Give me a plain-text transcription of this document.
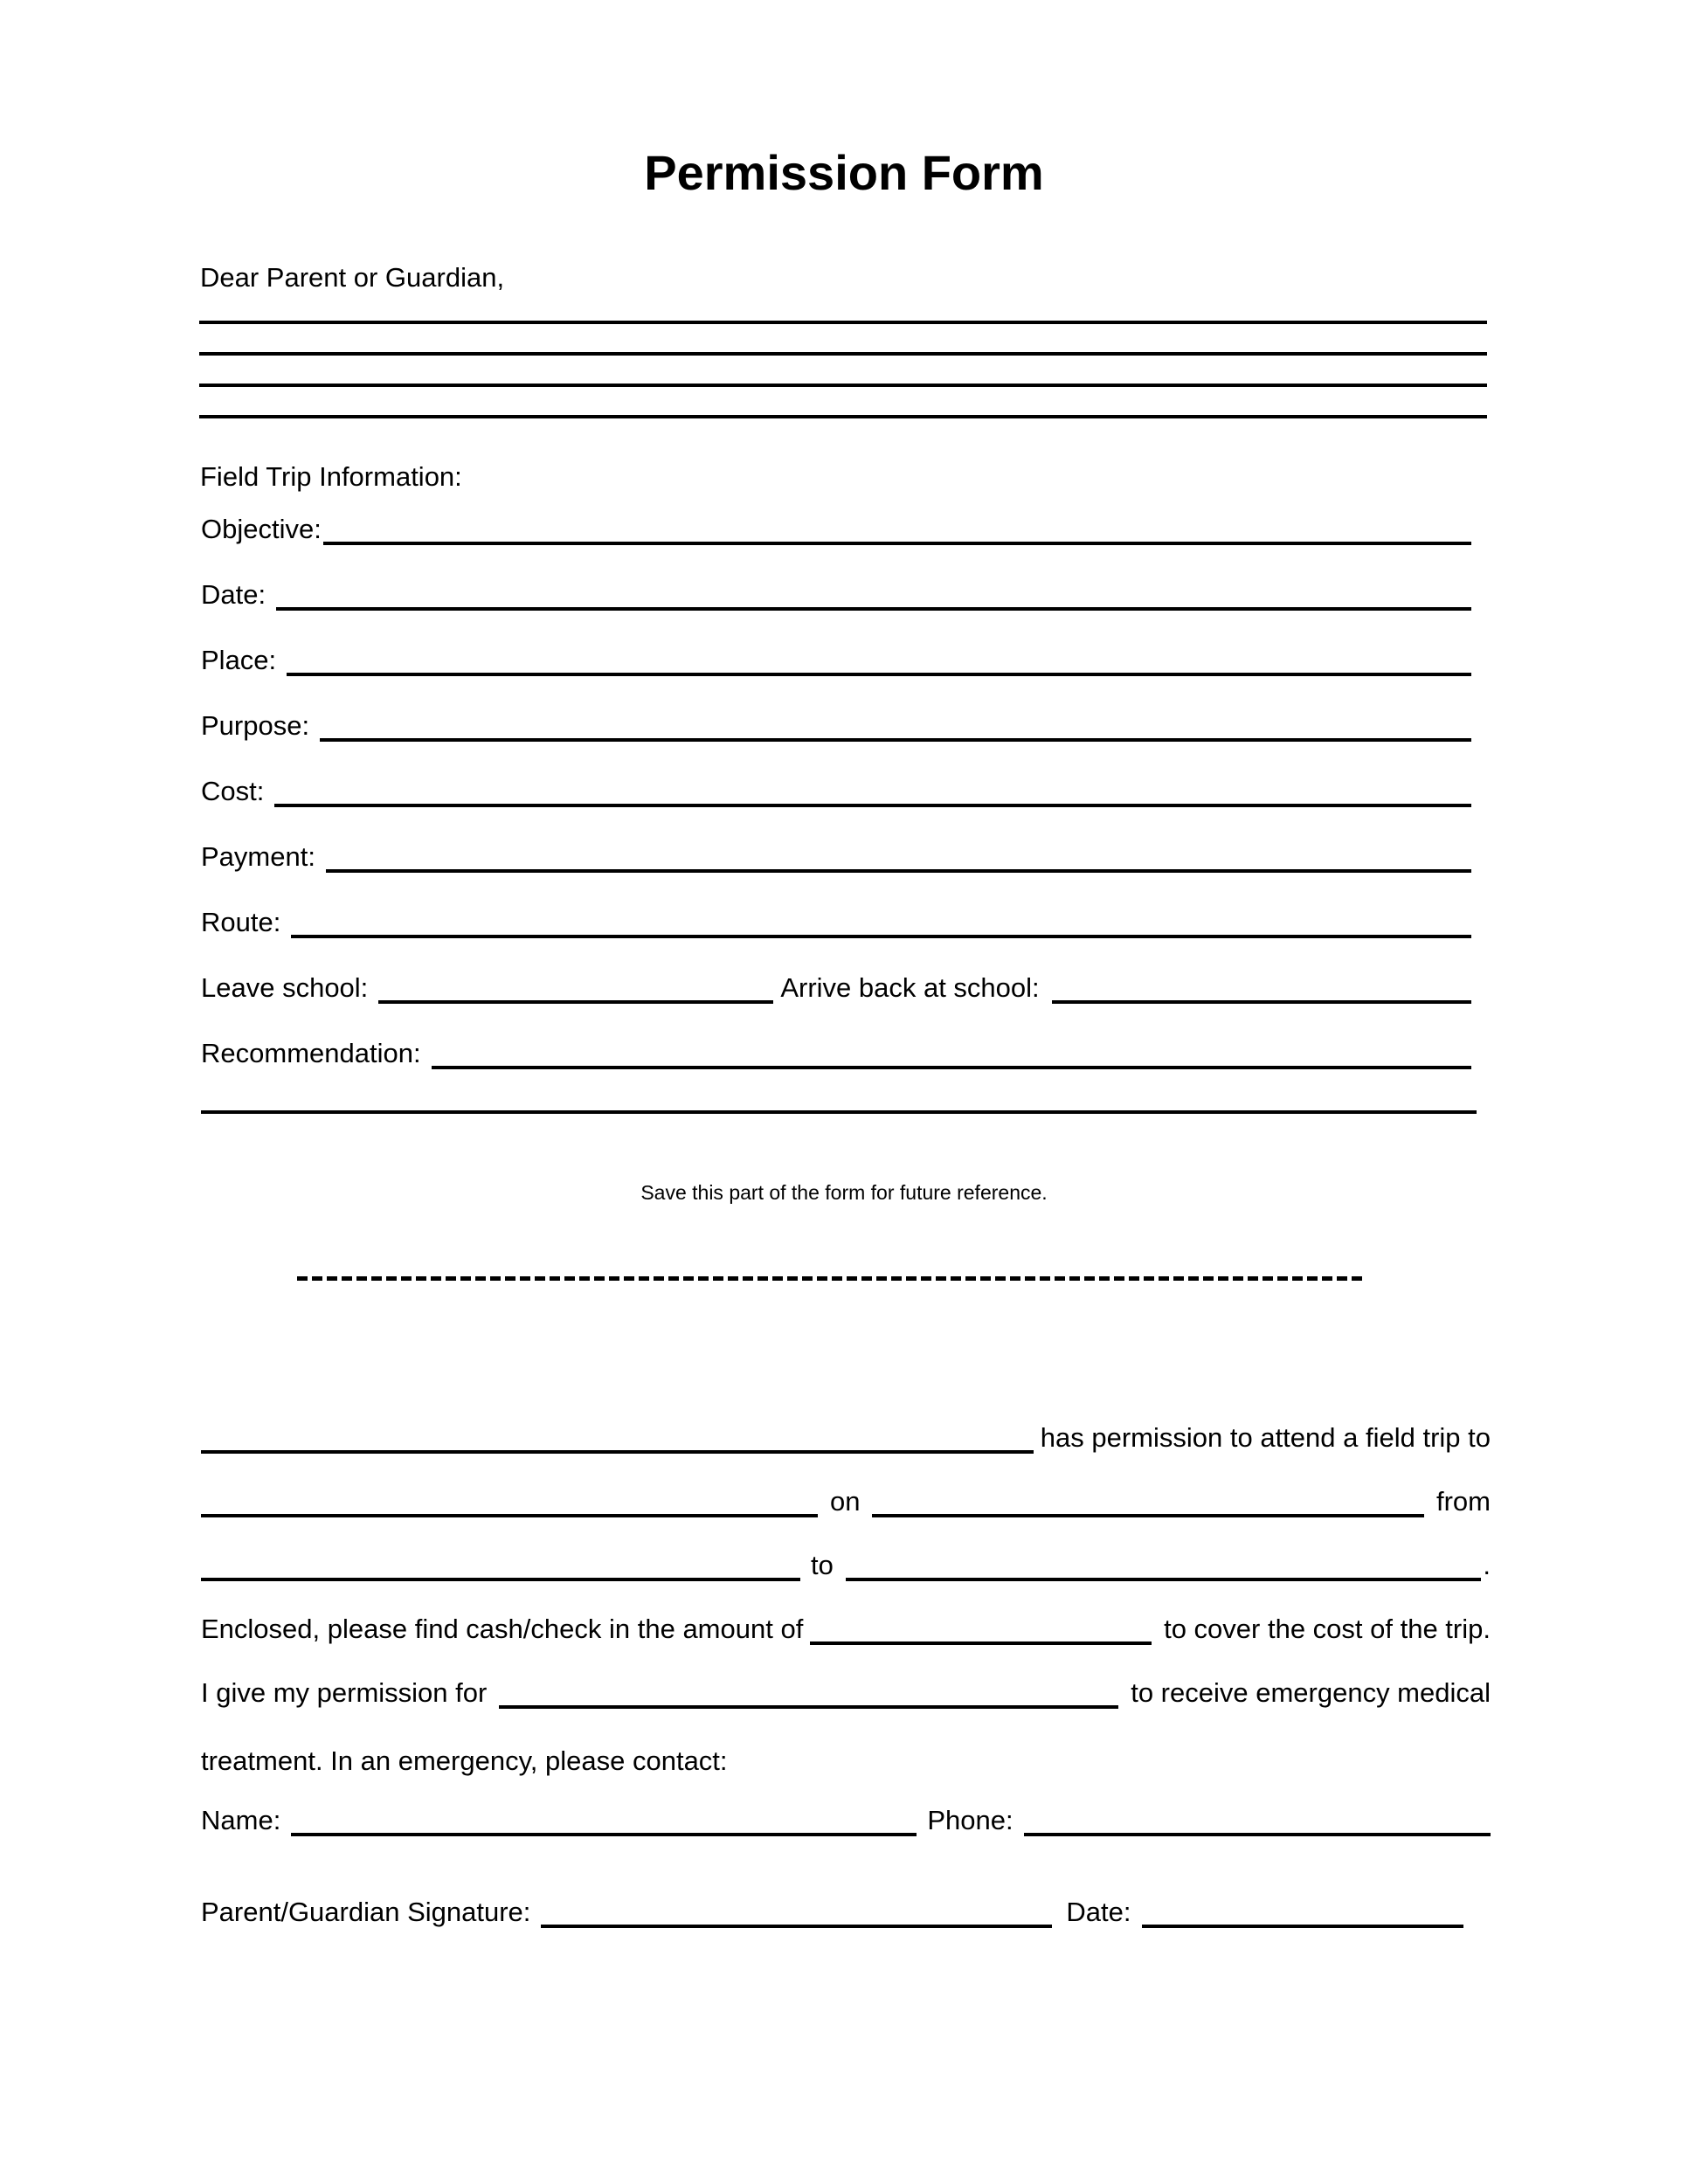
Permission Form
Dear Parent or Guardian,
Field Trip Information:
Objective:
Date:
Place:
Purpose:
Cost:
Payment:
Route:
Leave school:	Arrive back at school:
Recommendation:
Save this part of the form for future reference.
has permission to attend a field trip to
on	from
to	.
Enclosed, please find cash/check in the amount of	to cover the cost of the trip.
I give my permission for	to receive emergency medical
treatment. In an emergency, please contact:
Name:	Phone:
Parent/Guardian Signature:	Date:
